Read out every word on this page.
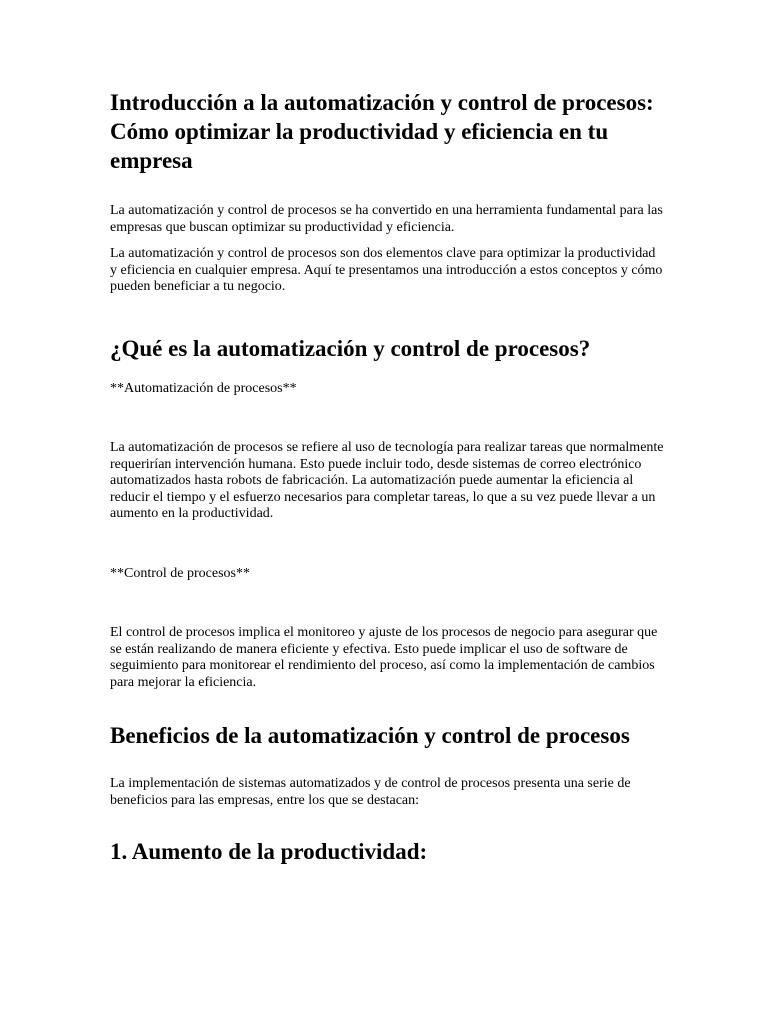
Introducción a la automatización y control de procesos: Cómo optimizar la productividad y eficiencia en tu empresa

La automatización y control de procesos se ha convertido en una herramienta fundamental para las empresas que buscan optimizar su productividad y eficiencia.

La automatización y control de procesos son dos elementos clave para optimizar la productividad y eficiencia en cualquier empresa. Aquí te presentamos una introducción a estos conceptos y cómo pueden beneficiar a tu negocio.

¿Qué es la automatización y control de procesos?

**Automatización de procesos**

La automatización de procesos se refiere al uso de tecnología para realizar tareas que normalmente requerirían intervención humana. Esto puede incluir todo, desde sistemas de correo electrónico automatizados hasta robots de fabricación. La automatización puede aumentar la eficiencia al reducir el tiempo y el esfuerzo necesarios para completar tareas, lo que a su vez puede llevar a un aumento en la productividad.

**Control de procesos**

El control de procesos implica el monitoreo y ajuste de los procesos de negocio para asegurar que se están realizando de manera eficiente y efectiva. Esto puede implicar el uso de software de seguimiento para monitorear el rendimiento del proceso, así como la implementación de cambios para mejorar la eficiencia.

Beneficios de la automatización y control de procesos

La implementación de sistemas automatizados y de control de procesos presenta una serie de beneficios para las empresas, entre los que se destacan:

1. Aumento de la productividad:
